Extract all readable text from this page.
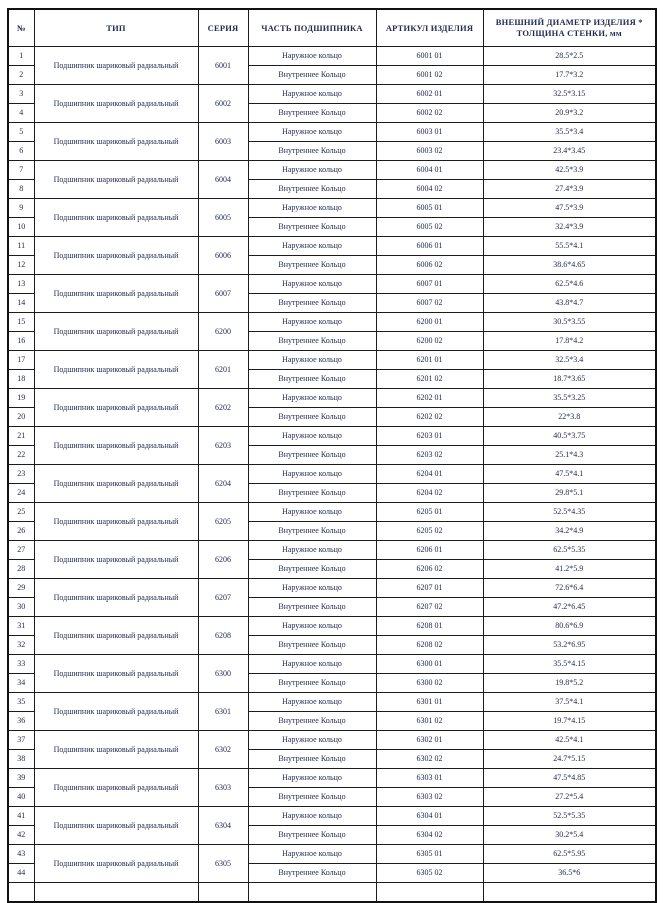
№	ТИП	СЕРИЯ	ЧАСТЬ ПОДШИПНИКА	АРТИКУЛ ИЗДЕЛИЯ	ВНЕШНИЙ ДИАМЕТР ИЗДЕЛИЯ *
ТОЛЩИНА СТЕНКИ, мм

1	Подшипник шариковый радиальный	6001	Наружное кольцо	6001 01	28.5*2.5
2			Внутреннее Кольцо	6001 02	17.7*3.2
3	Подшипник шариковый радиальный	6002	Наружное кольцо	6002 01	32.5*3.15
4			Внутреннее Кольцо	6002 02	20.9*3.2
5	Подшипник шариковый радиальный	6003	Наружное кольцо	6003 01	35.5*3.4
6			Внутреннее Кольцо	6003 02	23.4*3.45
7	Подшипник шариковый радиальный	6004	Наружное кольцо	6004 01	42.5*3.9
8			Внутреннее Кольцо	6004 02	27.4*3.9
9	Подшипник шариковый радиальный	6005	Наружное кольцо	6005 01	47.5*3.9
10			Внутреннее Кольцо	6005 02	32.4*3.9
11	Подшипник шариковый радиальный	6006	Наружное кольцо	6006 01	55.5*4.1
12			Внутреннее Кольцо	6006 02	38.6*4.65
13	Подшипник шариковый радиальный	6007	Наружное кольцо	6007 01	62.5*4.6
14			Внутреннее Кольцо	6007 02	43.8*4.7
15	Подшипник шариковый радиальный	6200	Наружное кольцо	6200 01	30.5*3.55
16			Внутреннее Кольцо	6200 02	17.8*4.2
17	Подшипник шариковый радиальный	6201	Наружное кольцо	6201 01	32.5*3.4
18			Внутреннее Кольцо	6201 02	18.7*3.65
19	Подшипник шариковый радиальный	6202	Наружное кольцо	6202 01	35.5*3.25
20			Внутреннее Кольцо	6202 02	22*3.8
21	Подшипник шариковый радиальный	6203	Наружное кольцо	6203 01	40.5*3.75
22			Внутреннее Кольцо	6203 02	25.1*4.3
23	Подшипник шариковый радиальный	6204	Наружное кольцо	6204 01	47.5*4.1
24			Внутреннее Кольцо	6204 02	29.8*5.1
25	Подшипник шариковый радиальный	6205	Наружное кольцо	6205 01	52.5*4.35
26			Внутреннее Кольцо	6205 02	34.2*4.9
27	Подшипник шариковый радиальный	6206	Наружное кольцо	6206 01	62.5*5.35
28			Внутреннее Кольцо	6206 02	41.2*5.9
29	Подшипник шариковый радиальный	6207	Наружное кольцо	6207 01	72.6*6.4
30			Внутреннее Кольцо	6207 02	47.2*6.45
31	Подшипник шариковый радиальный	6208	Наружное кольцо	6208 01	80.6*6.9
32			Внутреннее Кольцо	6208 02	53.2*6.95
33	Подшипник шариковый радиальный	6300	Наружное кольцо	6300 01	35.5*4.15
34			Внутреннее Кольцо	6300 02	19.8*5.2
35	Подшипник шариковый радиальный	6301	Наружное кольцо	6301 01	37.5*4.1
36			Внутреннее Кольцо	6301 02	19.7*4.15
37	Подшипник шариковый радиальный	6302	Наружное кольцо	6302 01	42.5*4.1
38			Внутреннее Кольцо	6302 02	24.7*5.15
39	Подшипник шариковый радиальный	6303	Наружное кольцо	6303 01	47.5*4.85
40			Внутреннее Кольцо	6303 02	27.2*5.4
41	Подшипник шариковый радиальный	6304	Наружное кольцо	6304 01	52.5*5.35
42			Внутреннее Кольцо	6304 02	30.2*5.4
43	Подшипник шариковый радиальный	6305	Наружное кольцо	6305 01	62.5*5.95
44			Внутреннее Кольцо	6305 02	36.5*6
